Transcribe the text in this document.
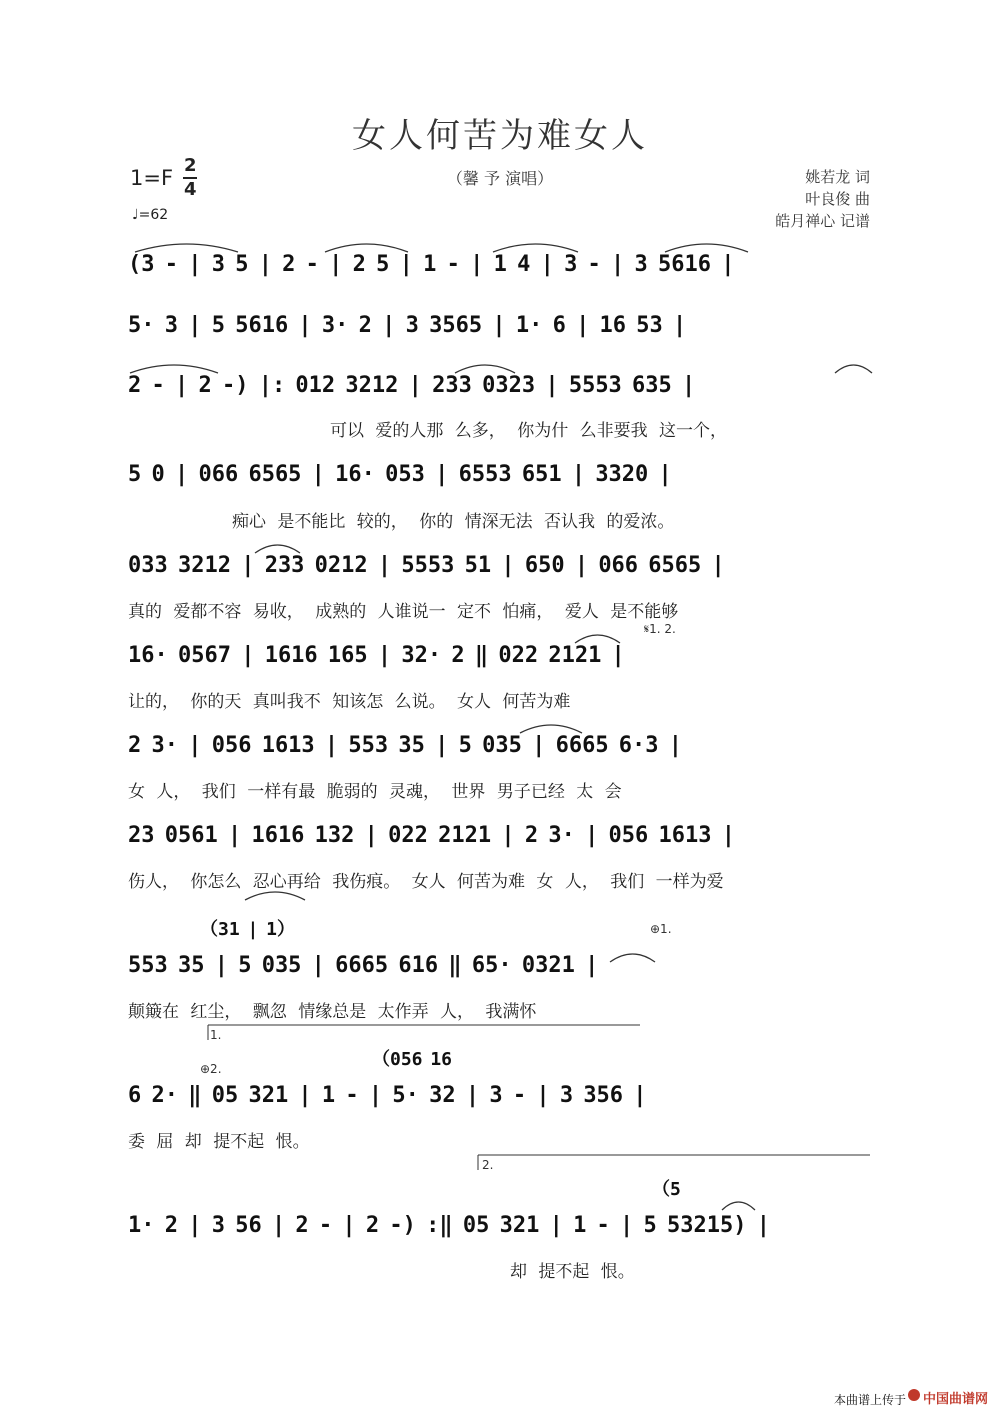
女人何苦为难女人
1=F
2
4
♩=62
（馨 予 演唱）	姚若龙 词
叶良俊 曲
皓月禅心 记谱
(3 - | 3 5 | 2 - | 2 5 | 1 - | 1 4 | 3 - | 3 5616 |
5· 3 | 5 5616 | 3· 2 | 3 3565 | 1· 6 | 16 53 |
2 - | 2 -) |: 012 3212 | 233 0323 | 5553 635 |
可以 爱的人那 么多， 你为什 么非要我 这一个，
5 0 | 066 6565 | 16· 053 | 6553 651 | 3320 |
痴心 是不能比 较的， 你的 情深无法 否认我 的爱浓。
033 3212 | 233 0212 | 5553 51 | 650 | 066 6565 |
真的 爱都不容 易收， 成熟的 人谁说一 定不 怕痛， 爱人 是不能够
16· 0567 | 1616 165 | 32· 2 ‖ 022 2121 |
让的， 你的天 真叫我不 知该怎 么说。 女人 何苦为难
2 3· | 056 1613 | 553 35 | 5 035 | 6665 6·3 |
女 人， 我们 一样有最 脆弱的 灵魂， 世界 男子已经 太 会
23 0561 | 1616 132 | 022 2121 | 2 3· | 056 1613 |
伤人， 你怎么 忍心再给 我伤痕。 女人 何苦为难 女 人， 我们 一样为爱
553 35 | 5 035 | 6665 616 ‖ 65· 0321 |
颠簸在 红尘， 飘忽 情缘总是 太作弄 人， 我满怀
（31 | 1）
6 2· ‖ 05 321 | 1 - | 5· 32 | 3 - | 3 356 |
委 屈 却 提不起 恨。
（056 16
1· 2 | 3 56 | 2 - | 2 -) :‖ 05 321 | 1 - | 5 53215) |
却 提不起 恨。
（5
𝄋1. 2.
⊕1.
⊕2.
1.
2.
本曲谱上传于 中国曲谱网
